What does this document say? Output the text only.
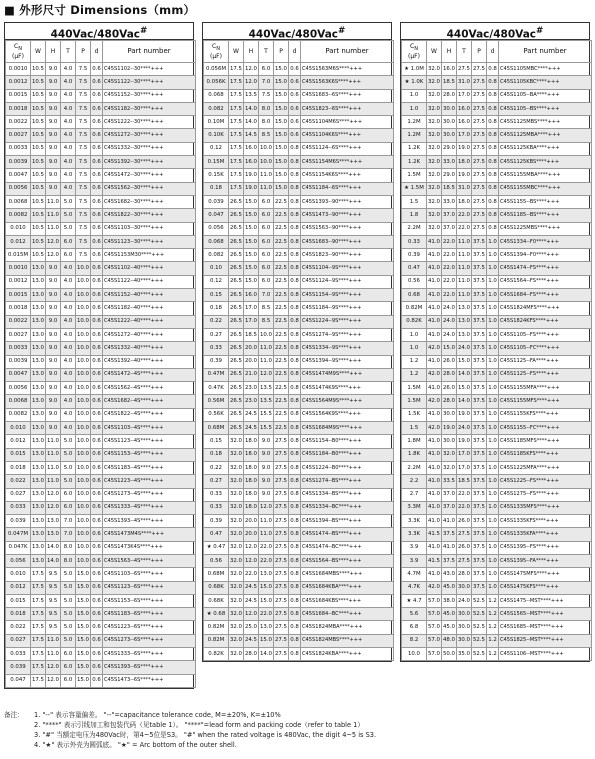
■ 外形尺寸 Dimensions（mm）
440Vac/480Vac#
$C_N$
(μF)	W	H	T	P	d	Part number
0.0010	10.5	9.0	4.0	7.5	0.6	C45S1102--30****+++
0.0012	10.5	9.0	4.0	7.5	0.6	C45S1122--30****+++
0.0015	10.5	9.0	4.0	7.5	0.6	C45S1152--30****+++
0.0018	10.5	9.0	4.0	7.5	0.6	C45S1182--30****+++
0.0022	10.5	9.0	4.0	7.5	0.6	C45S1222--30****+++
0.0027	10.5	9.0	4.0	7.5	0.6	C45S1272--30****+++
0.0033	10.5	9.0	4.0	7.5	0.6	C45S1332--30****+++
0.0039	10.5	9.0	4.0	7.5	0.6	C45S1392--30****+++
0.0047	10.5	9.0	4.0	7.5	0.6	C45S1472--30****+++
0.0056	10.5	9.0	4.0	7.5	0.6	C45S1562--30****+++
0.0068	10.5	11.0	5.0	7.5	0.6	C45S1682--30****+++
0.0082	10.5	11.0	5.0	7.5	0.6	C45S1822--30****+++
0.010	10.5	11.0	5.0	7.5	0.6	C45S1103--30****+++
0.012	10.5	12.0	6.0	7.5	0.6	C45S1123--30****+++
0.015M	10.5	12.0	6.0	7.5	0.6	C45S1153M30****+++
0.0010	13.0	9.0	4.0	10.0	0.6	C45S1102--40****+++
0.0012	13.0	9.0	4.0	10.0	0.6	C45S1122--40****+++
0.0015	13.0	9.0	4.0	10.0	0.6	C45S1152--40****+++
0.0018	13.0	9.0	4.0	10.0	0.6	C45S1182--40****+++
0.0022	13.0	9.0	4.0	10.0	0.6	C45S1222--40****+++
0.0027	13.0	9.0	4.0	10.0	0.6	C45S1272--40****+++
0.0033	13.0	9.0	4.0	10.0	0.6	C45S1332--40****+++
0.0039	13.0	9.0	4.0	10.0	0.6	C45S1392--40****+++
0.0047	13.0	9.0	4.0	10.0	0.6	C45S1472--4S****+++
0.0056	13.0	9.0	4.0	10.0	0.6	C45S1562--4S****+++
0.0068	13.0	9.0	4.0	10.0	0.6	C45S1682--4S****+++
0.0082	13.0	9.0	4.0	10.0	0.6	C45S1822--4S****+++
0.010	13.0	9.0	4.0	10.0	0.6	C45S1103--4S****+++
0.012	13.0	11.0	5.0	10.0	0.6	C45S1123--4S****+++
0.015	13.0	11.0	5.0	10.0	0.6	C45S1153--4S****+++
0.018	13.0	11.0	5.0	10.0	0.6	C45S1183--4S****+++
0.022	13.0	11.0	5.0	10.0	0.6	C45S1223--4S****+++
0.027	13.0	12.0	6.0	10.0	0.6	C45S1273--4S****+++
0.033	13.0	12.0	6.0	10.0	0.6	C45S1333--4S****+++
0.039	13.0	13.0	7.0	10.0	0.6	C45S1393--4S****+++
0.047M	13.0	13.0	7.0	10.0	0.6	C45S1473M4S****+++
0.047K	13.0	14.0	8.0	10.0	0.6	C45S1473K4S****+++
0.056	13.0	14.0	8.0	10.0	0.6	C45S1563--4S****+++
0.010	17.5	9.5	5.0	15.0	0.6	C45S1103--6S****+++
0.012	17.5	9.5	5.0	15.0	0.6	C45S1123--6S****+++
0.015	17.5	9.5	5.0	15.0	0.6	C45S1153--6S****+++
0.018	17.5	9.5	5.0	15.0	0.6	C45S1183--6S****+++
0.022	17.5	9.5	5.0	15.0	0.6	C45S1223--6S****+++
0.027	17.5	11.0	5.0	15.0	0.6	C45S1273--6S****+++
0.033	17.5	11.0	6.0	15.0	0.6	C45S1333--6S****+++
0.039	17.5	12.0	6.0	15.0	0.6	C45S1393--6S****+++
0.047	17.5	12.0	6.0	15.0	0.6	C45S1473--6S****+++
440Vac/480Vac#
$C_N$
(μF)	W	H	T	P	d	Part number
0.056M	17.5	12.0	6.0	15.0	0.6	C45S1563M6S****+++
0.056K	17.5	12.0	7.0	15.0	0.6	C45S1563K6S****+++
0.068	17.5	13.5	7.5	15.0	0.6	C45S1683--6S****+++
0.082	17.5	14.0	8.0	15.0	0.6	C45S1823--6S****+++
0.10M	17.5	14.0	8.0	15.0	0.6	C45S1104M6S****+++
0.10K	17.5	14.5	8.5	15.0	0.6	C45S1104K6S****+++
0.12	17.5	16.0	10.0	15.0	0.8	C45S1124--6S****+++
0.15M	17.5	16.0	10.0	15.0	0.8	C45S1154M6S****+++
0.15K	17.5	19.0	11.0	15.0	0.8	C45S1154K6S****+++
0.18	17.5	19.0	11.0	15.0	0.8	C45S1184--6S****+++
0.039	26.5	15.0	6.0	22.5	0.8	C45S1393--90****+++
0.047	26.5	15.0	6.0	22.5	0.8	C45S1473--90****+++
0.056	26.5	15.0	6.0	22.5	0.8	C45S1563--90****+++
0.068	26.5	15.0	6.0	22.5	0.8	C45S1683--90****+++
0.082	26.5	15.0	6.0	22.5	0.8	C45S1823--90****+++
0.10	26.5	15.0	6.0	22.5	0.8	C45S1104--9S****+++
0.12	26.5	15.0	6.0	22.5	0.8	C45S1124--9S****+++
0.15	26.5	16.0	7.0	22.5	0.8	C45S1154--9S****+++
0.18	26.5	17.0	8.5	22.5	0.8	C45S1184--9S****+++
0.22	26.5	17.0	8.5	22.5	0.8	C45S1224--9S****+++
0.27	26.5	18.5	10.0	22.5	0.8	C45S1274--9S****+++
0.33	26.5	20.0	11.0	22.5	0.8	C45S1334--9S****+++
0.39	26.5	20.0	11.0	22.5	0.8	C45S1394--9S****+++
0.47M	26.5	21.0	12.0	22.5	0.8	C45S1474M9S****+++
0.47K	26.5	23.0	13.5	22.5	0.8	C45S1474K9S****+++
0.56M	26.5	23.0	13.5	22.5	0.8	C45S1564M9S****+++
0.56K	26.5	24.5	15.5	22.5	0.8	C45S1564K9S****+++
0.68M	26.5	24.5	15.5	22.5	0.8	C45S1684M9S****+++
0.15	32.0	18.0	9.0	27.5	0.8	C45S1154--B0****+++
0.18	32.0	18.0	9.0	27.5	0.8	C45S1184--B0****+++
0.22	32.0	18.0	9.0	27.5	0.8	C45S1224--B0****+++
0.27	32.0	18.0	9.0	27.5	0.8	C45S1274--BS****+++
0.33	32.0	18.0	9.0	27.5	0.8	C45S1334--BS****+++
0.33	32.0	18.0	12.0	27.5	0.8	C45S1334--BC****+++
0.39	32.0	20.0	11.0	27.5	0.8	C45S1394--BS****+++
0.47	32.0	20.0	11.0	27.5	0.8	C45S1474--BS****+++
★ 0.47	32.0	12.0	22.0	27.5	0.8	C45S1474--BC****+++
0.56	32.0	12.0	22.0	27.5	0.8	C45S1564--BS****+++
0.68M	32.0	22.0	13.0	27.5	0.8	C45S1684MBS****+++
0.68K	32.0	24.5	15.0	27.5	0.8	C45S1684KBA****+++
0.68K	32.0	24.5	15.0	27.5	0.8	C45S1684KBS****+++
★ 0.68	32.0	12.0	22.0	27.5	0.8	C45S1684--BC****+++
0.82M	32.0	25.0	13.0	27.5	0.8	C45S1824MBA****+++
0.82M	32.0	24.5	15.0	27.5	0.8	C45S1824MBS****+++
0.82K	32.0	28.0	14.0	27.5	0.8	C45S1824KBA****+++
440Vac/480Vac#
$C_N$
(μF)	W	H	T	P	d	Part number
★ 1.0M	32.0	16.0	27.5	27.5	0.8	C45S1105MBC****+++
★ 1.0K	32.0	18.5	31.0	27.5	0.8	C45S1105KBC****+++
1.0	32.0	28.0	17.0	27.5	0.8	C45S1105--BA****+++
1.0	32.0	30.0	16.0	27.5	0.8	C45S1105--BS****+++
1.2M	32.0	30.0	16.0	27.5	0.8	C45S1125MBS****+++
1.2M	32.0	30.0	17.0	27.5	0.8	C45S1125MBA****+++
1.2K	32.0	29.0	19.0	27.5	0.8	C45S1125KBA****+++
1.2K	32.0	33.0	18.0	27.5	0.8	C45S1125KBS****+++
1.5M	32.0	29.0	19.0	27.5	0.8	C45S1155MBA****+++
★ 1.5M	32.0	18.5	31.0	27.5	0.8	C45S1155MBC****+++
1.5	32.0	33.0	18.0	27.5	0.8	C45S1155--BS****+++
1.8	32.0	37.0	22.0	27.5	0.8	C45S1185--BS****+++
2.2M	32.0	37.0	22.0	27.5	0.8	C45S1225MBS****+++
0.33	41.0	22.0	11.0	37.5	1.0	C45S1334--F0****+++
0.39	41.0	22.0	11.0	37.5	1.0	C45S1394--F0****+++
0.47	41.0	22.0	11.0	37.5	1.0	C45S1474--FS****+++
0.56	41.0	22.0	11.0	37.5	1.0	C45S1564--FS****+++
0.68	41.0	22.0	11.0	37.5	1.0	C45S1684--FS****+++
0.82M	41.0	24.0	13.0	37.5	1.0	C45S1824MFS****+++
0.82K	41.0	24.0	13.0	37.5	1.0	C45S1824KFS****+++
1.0	41.0	24.0	13.0	37.5	1.0	C45S1105--FS****+++
1.0	42.0	15.0	24.0	37.5	1.0	C45S1105--FC****+++
1.2	41.0	26.0	15.0	37.5	1.0	C45S1125--FA****+++
1.2	42.0	28.0	14.0	37.5	1.0	C45S1125--FS****+++
1.5M	41.0	26.0	15.0	37.5	1.0	C45S1155MFA****+++
1.5M	42.0	28.0	14.0	37.5	1.0	C45S1155MFS****+++
1.5K	41.0	30.0	19.0	37.5	1.0	C45S1155KFS****+++
1.5	42.0	19.0	24.0	37.5	1.0	C45S1155--FC****+++
1.8M	41.0	30.0	19.0	37.5	1.0	C45S1185MFS****+++
1.8K	41.0	32.0	17.0	37.5	1.0	C45S1185KFS****+++
2.2M	41.0	32.0	17.0	37.5	1.0	C45S1225MFA****+++
2.2	41.0	33.5	18.5	37.5	1.0	C45S1225--FS****+++
2.7	41.0	37.0	22.0	37.5	1.0	C45S1275--FS****+++
3.3M	41.0	37.0	22.0	37.5	1.0	C45S1335MFS****+++
3.3K	41.0	41.0	26.0	37.5	1.0	C45S1335KFS****+++
3.3K	41.5	37.5	27.5	37.5	1.0	C45S1335KFA****+++
3.9	41.0	41.0	26.0	37.5	1.0	C45S1395--FS****+++
3.9	41.5	37.5	27.5	37.5	1.0	C45S1395--FA****+++
4.7M	41.0	43.0	28.0	37.5	1.0	C45S1475MFS****+++
4.7K	42.0	45.0	30.0	37.5	1.0	C45S1475KFS****+++
★ 4.7	57.0	38.0	24.0	52.5	1.2	C45S1475--MST****+++
5.6	57.0	45.0	30.0	52.5	1.2	C45S1565--MST****+++
6.8	57.0	45.0	30.0	52.5	1.2	C45S1685--MST****+++
8.2	57.0	48.0	30.0	52.5	1.2	C45S1825--MST****+++
10.0	57.0	50.0	35.0	52.5	1.2	C45S1106--MST****+++
备注：	1. "--" 表示容量偏差。 "--"=capacitance tolerance code, M=±20%, K=±10%
2. "****" 表示引线加工和包装代码（见table 1）。 "****"=lead form and packing code（refer to table 1）
3. "#" 当额定电压为480Vac时，第4~5位是S3。 "#" when the rated voltage is 480Vac, the digit 4~5 is S3.
4. "★" 表示外壳为圆弧底。 "★" = Arc bottom of the outer shell.
